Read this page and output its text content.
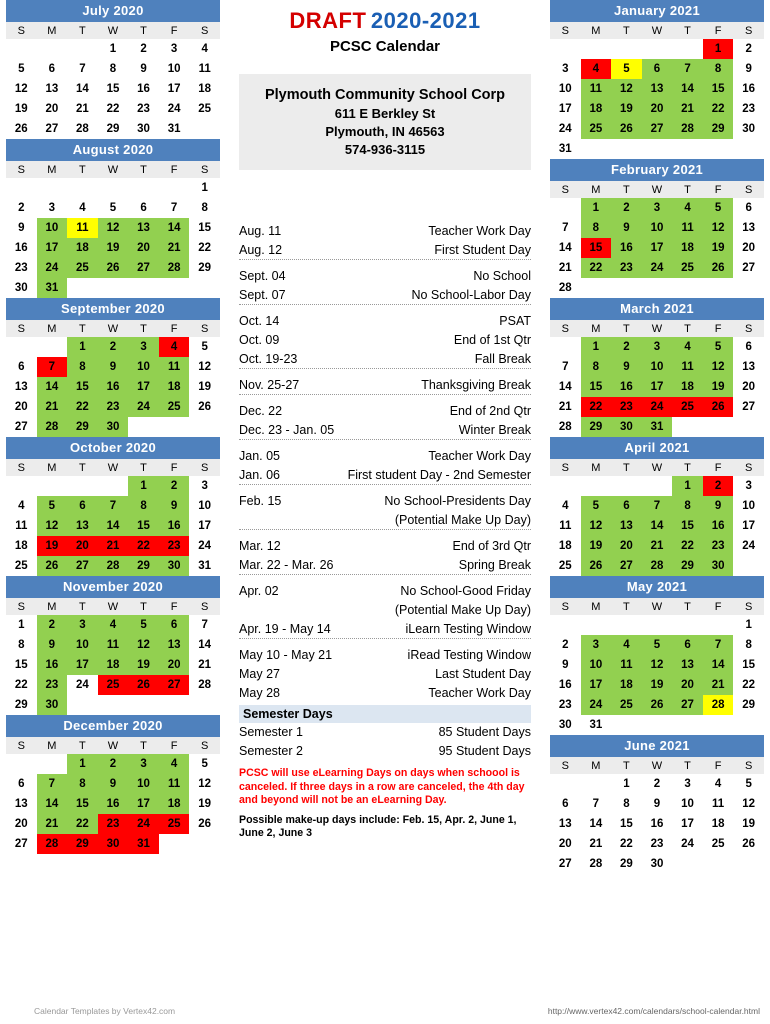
DRAFT 2020-2021
PCSC Calendar
Plymouth Community School Corp
611 E Berkley St
Plymouth, IN 46563
574-936-3115
July 2020
S	M	T	W	T	F	S
			1	2	3	4
5	6	7	8	9	10	11
12	13	14	15	16	17	18
19	20	21	22	23	24	25
26	27	28	29	30	31	
August 2020
S	M	T	W	T	F	S
						1
2	3	4	5	6	7	8
9	10	11	12	13	14	15
16	17	18	19	20	21	22
23	24	25	26	27	28	29
30	31					
September 2020
S	M	T	W	T	F	S
		1	2	3	4	5
6	7	8	9	10	11	12
13	14	15	16	17	18	19
20	21	22	23	24	25	26
27	28	29	30			
October 2020
S	M	T	W	T	F	S
				1	2	3
4	5	6	7	8	9	10
11	12	13	14	15	16	17
18	19	20	21	22	23	24
25	26	27	28	29	30	31
November 2020
S	M	T	W	T	F	S
1	2	3	4	5	6	7
8	9	10	11	12	13	14
15	16	17	18	19	20	21
22	23	24	25	26	27	28
29	30					
December 2020
S	M	T	W	T	F	S
		1	2	3	4	5
6	7	8	9	10	11	12
13	14	15	16	17	18	19
20	21	22	23	24	25	26
27	28	29	30	31		
January 2021
S	M	T	W	T	F	S
					1	2
3	4	5	6	7	8	9
10	11	12	13	14	15	16
17	18	19	20	21	22	23
24	25	26	27	28	29	30
31						
February 2021
S	M	T	W	T	F	S
	1	2	3	4	5	6
7	8	9	10	11	12	13
14	15	16	17	18	19	20
21	22	23	24	25	26	27
28						
March 2021
S	M	T	W	T	F	S
	1	2	3	4	5	6
7	8	9	10	11	12	13
14	15	16	17	18	19	20
21	22	23	24	25	26	27
28	29	30	31			
April 2021
S	M	T	W	T	F	S
				1	2	3
4	5	6	7	8	9	10
11	12	13	14	15	16	17
18	19	20	21	22	23	24
25	26	27	28	29	30	
May 2021
S	M	T	W	T	F	S
						1
2	3	4	5	6	7	8
9	10	11	12	13	14	15
16	17	18	19	20	21	22
23	24	25	26	27	28	29
30	31					
June 2021
S	M	T	W	T	F	S
		1	2	3	4	5
6	7	8	9	10	11	12
13	14	15	16	17	18	19
20	21	22	23	24	25	26
27	28	29	30			
Aug. 11	Teacher Work Day
Aug. 12	First Student Day
Sept. 04	No School
Sept. 07	No School-Labor Day
Oct. 14	PSAT
Oct. 09	End of 1st Qtr
Oct. 19-23	Fall Break
Nov. 25-27	Thanksgiving Break
Dec. 22	End of 2nd Qtr
Dec. 23 - Jan. 05	Winter Break
Jan. 05	Teacher Work Day
Jan. 06	First student Day - 2nd Semester
Feb. 15	No School-Presidents Day
(Potential Make Up Day)
Mar. 12	End of 3rd Qtr
Mar. 22 - Mar. 26	Spring Break
Apr. 02	No School-Good Friday
(Potential Make Up Day)
Apr. 19 - May 14	iLearn Testing Window
May 10 - May 21	iRead Testing Window
May 27	Last Student Day
May 28	Teacher Work Day
Semester Days
Semester 1	85 Student Days
Semester 2	95 Student Days
PCSC will use eLearning Days on days when schoool is canceled. If three days in a row are canceled, the 4th day and beyond will not be an eLearning Day.
Possible make-up days include: Feb. 15, Apr. 2, June 1, June 2, June 3
Calendar Templates by Vertex42.com	http://www.vertex42.com/calendars/school-calendar.html
